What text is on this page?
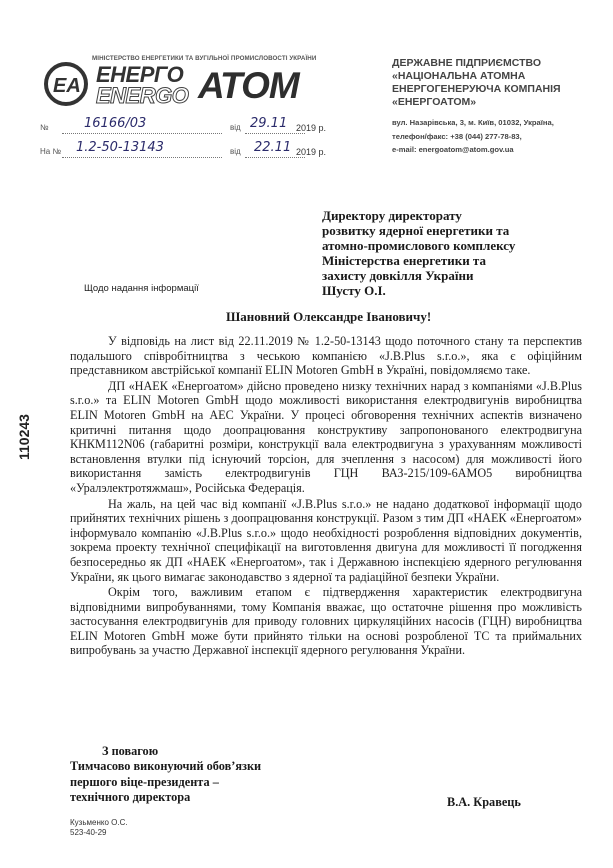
МІНІСТЕРСТВО ЕНЕРГЕТИКИ ТА ВУГІЛЬНОЇ ПРОМИСЛОВОСТІ УКРАЇНИ
EA ЕНЕРГО
ENERGO АТОМ
ДЕРЖАВНЕ ПІДПРИЄМСТВО
«НАЦІОНАЛЬНА АТОМНА
ЕНЕРГОГЕНЕРУЮЧА КОМПАНІЯ
«ЕНЕРГОАТОМ»
вул. Назарівська, 3, м. Київ, 01032, Україна,
телефон/факс: +38 (044) 277-78-83,
e-mail: energoatom@atom.gov.ua
№	16166/03	від 29.11 2019 р.
На № 1.2-50-13143	від 22.11 2019 р.
Директору директорату
розвитку ядерної енергетики та
атомно-промислового комплексу
Міністерства енергетики та
захисту довкілля України
Шусту О.І.
Щодо надання інформації
Шановний Олександре Івановичу!
110243

У відповідь на лист від 22.11.2019 № 1.2-50-13143 щодо поточного стану та перспектив подальшого співробітництва з чеською компанією «J.B.Plus s.r.o.», яка є офіційним представником австрійської компанії ELIN Motoren GmbH в Україні, повідомляємо таке.

ДП «НАЕК «Енергоатом» дійсно проведено низку технічних нарад з компаніями «J.B.Plus s.r.o.» та ELIN Motoren GmbH щодо можливості використання електродвигунів виробництва ELIN Motoren GmbH на АЕС України. У процесі обговорення технічних аспектів визначено критичні питання щодо доопрацювання конструктиву запропонованого електродвигуна КНКМ112N06 (габаритні розміри, конструкції вала електродвигуна з урахуванням можливості встановлення втулки під існуючий торсіон, для зчеплення з насосом) для можливості його використання замість електродвигунів ГЦН ВАЗ-215/109-6АМО5 виробництва «Уралэлектротяжмаш», Російська Федерація.

На жаль, на цей час від компанії «J.B.Plus s.r.o.» не надано додаткової інформації щодо прийнятих технічних рішень з доопрацювання конструкції. Разом з тим ДП «НАЕК «Енергоатом» інформувало компанію «J.B.Plus s.r.o.» щодо необхідності розроблення відповідних документів, зокрема проекту технічної специфікації на виготовлення двигуна для можливості її погодження безпосередньо як ДП «НАЕК «Енергоатом», так і Державною інспекцією ядерного регулювання України, як цього вимагає законодавство з ядерної та радіаційної безпеки України.

Окрім того, важливим етапом є підтвердження характеристик електродвигуна відповідними випробуваннями, тому Компанія вважає, що остаточне рішення про можливість застосування електродвигунів для приводу головних циркуляційних насосів (ГЦН) виробництва ELIN Motoren GmbH може бути прийнято тільки на основі розробленої ТС та приймальних випробувань за участю Державної інспекції ядерного регулювання України.

З повагою
Тимчасово виконуючий обов’язки
першого віце-президента –
технічного директора	В.А. Кравець
Кузьменко О.С.
523-40-29
